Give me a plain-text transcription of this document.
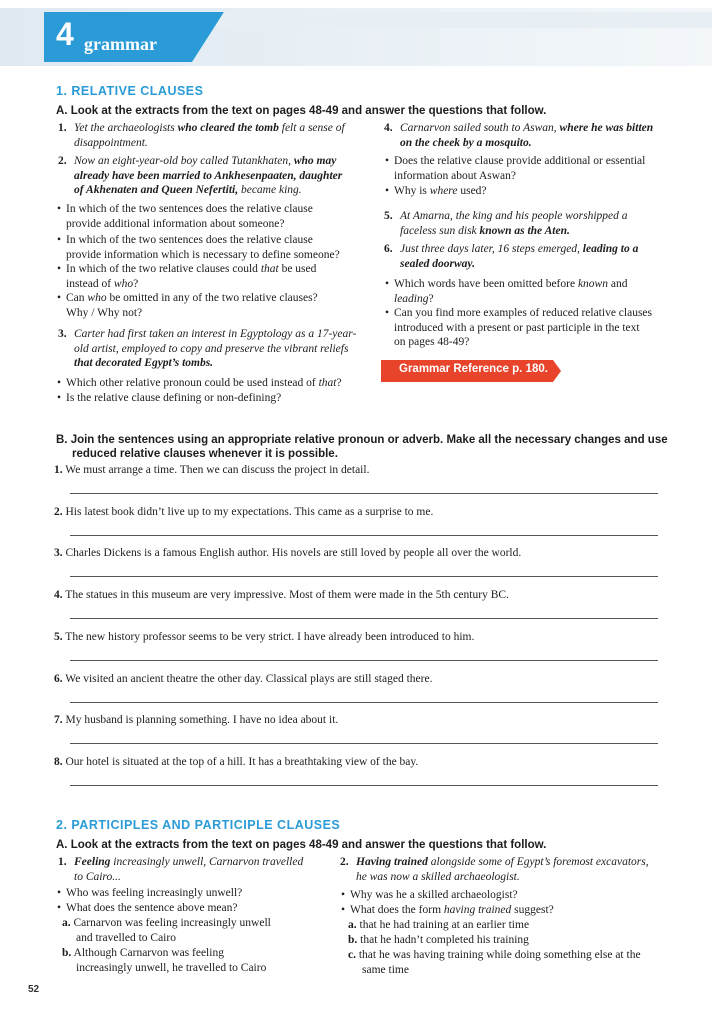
4 grammar
1. RELATIVE CLAUSES
A. Look at the extracts from the text on pages 48-49 and answer the questions that follow.
1. Yet the archaeologists who cleared the tomb felt a sense of
disappointment.
2. Now an eight-year-old boy called Tutankhaten, who may
already have been married to Ankhesenpaaten, daughter
of Akhenaten and Queen Nefertiti, became king.
• In which of the two sentences does the relative clause
provide additional information about someone?
• In which of the two sentences does the relative clause
provide information which is necessary to define someone?
• In which of the two relative clauses could that be used
instead of who?
• Can who be omitted in any of the two relative clauses?
Why / Why not?
3. Carter had first taken an interest in Egyptology as a 17-year-
old artist, employed to copy and preserve the vibrant reliefs
that decorated Egypt’s tombs.
• Which other relative pronoun could be used instead of that?
• Is the relative clause defining or non-defining?
4. Carnarvon sailed south to Aswan, where he was bitten
on the cheek by a mosquito.
• Does the relative clause provide additional or essential
information about Aswan?
• Why is where used?
5. At Amarna, the king and his people worshipped a
faceless sun disk known as the Aten.
6. Just three days later, 16 steps emerged, leading to a
sealed doorway.
• Which words have been omitted before known and
leading?
• Can you find more examples of reduced relative clauses
introduced with a present or past participle in the text
on pages 48-49?
Grammar Reference p. 180.
B. Join the sentences using an appropriate relative pronoun or adverb. Make all the necessary changes and use
reduced relative clauses whenever it is possible.
1. We must arrange a time. Then we can discuss the project in detail.
2. His latest book didn’t live up to my expectations. This came as a surprise to me.
3. Charles Dickens is a famous English author. His novels are still loved by people all over the world.
4. The statues in this museum are very impressive. Most of them were made in the 5th century BC.
5. The new history professor seems to be very strict. I have already been introduced to him.
6. We visited an ancient theatre the other day. Classical plays are still staged there.
7. My husband is planning something. I have no idea about it.
8. Our hotel is situated at the top of a hill. It has a breathtaking view of the bay.
2. PARTICIPLES AND PARTICIPLE CLAUSES
A. Look at the extracts from the text on pages 48-49 and answer the questions that follow.
1. Feeling increasingly unwell, Carnarvon travelled
to Cairo...
• Who was feeling increasingly unwell?
• What does the sentence above mean?
a. Carnarvon was feeling increasingly unwell
and travelled to Cairo
b. Although Carnarvon was feeling
increasingly unwell, he travelled to Cairo
2. Having trained alongside some of Egypt’s foremost excavators,
he was now a skilled archaeologist.
• Why was he a skilled archaeologist?
• What does the form having trained suggest?
a. that he had training at an earlier time
b. that he hadn’t completed his training
c. that he was having training while doing something else at the
same time
52
